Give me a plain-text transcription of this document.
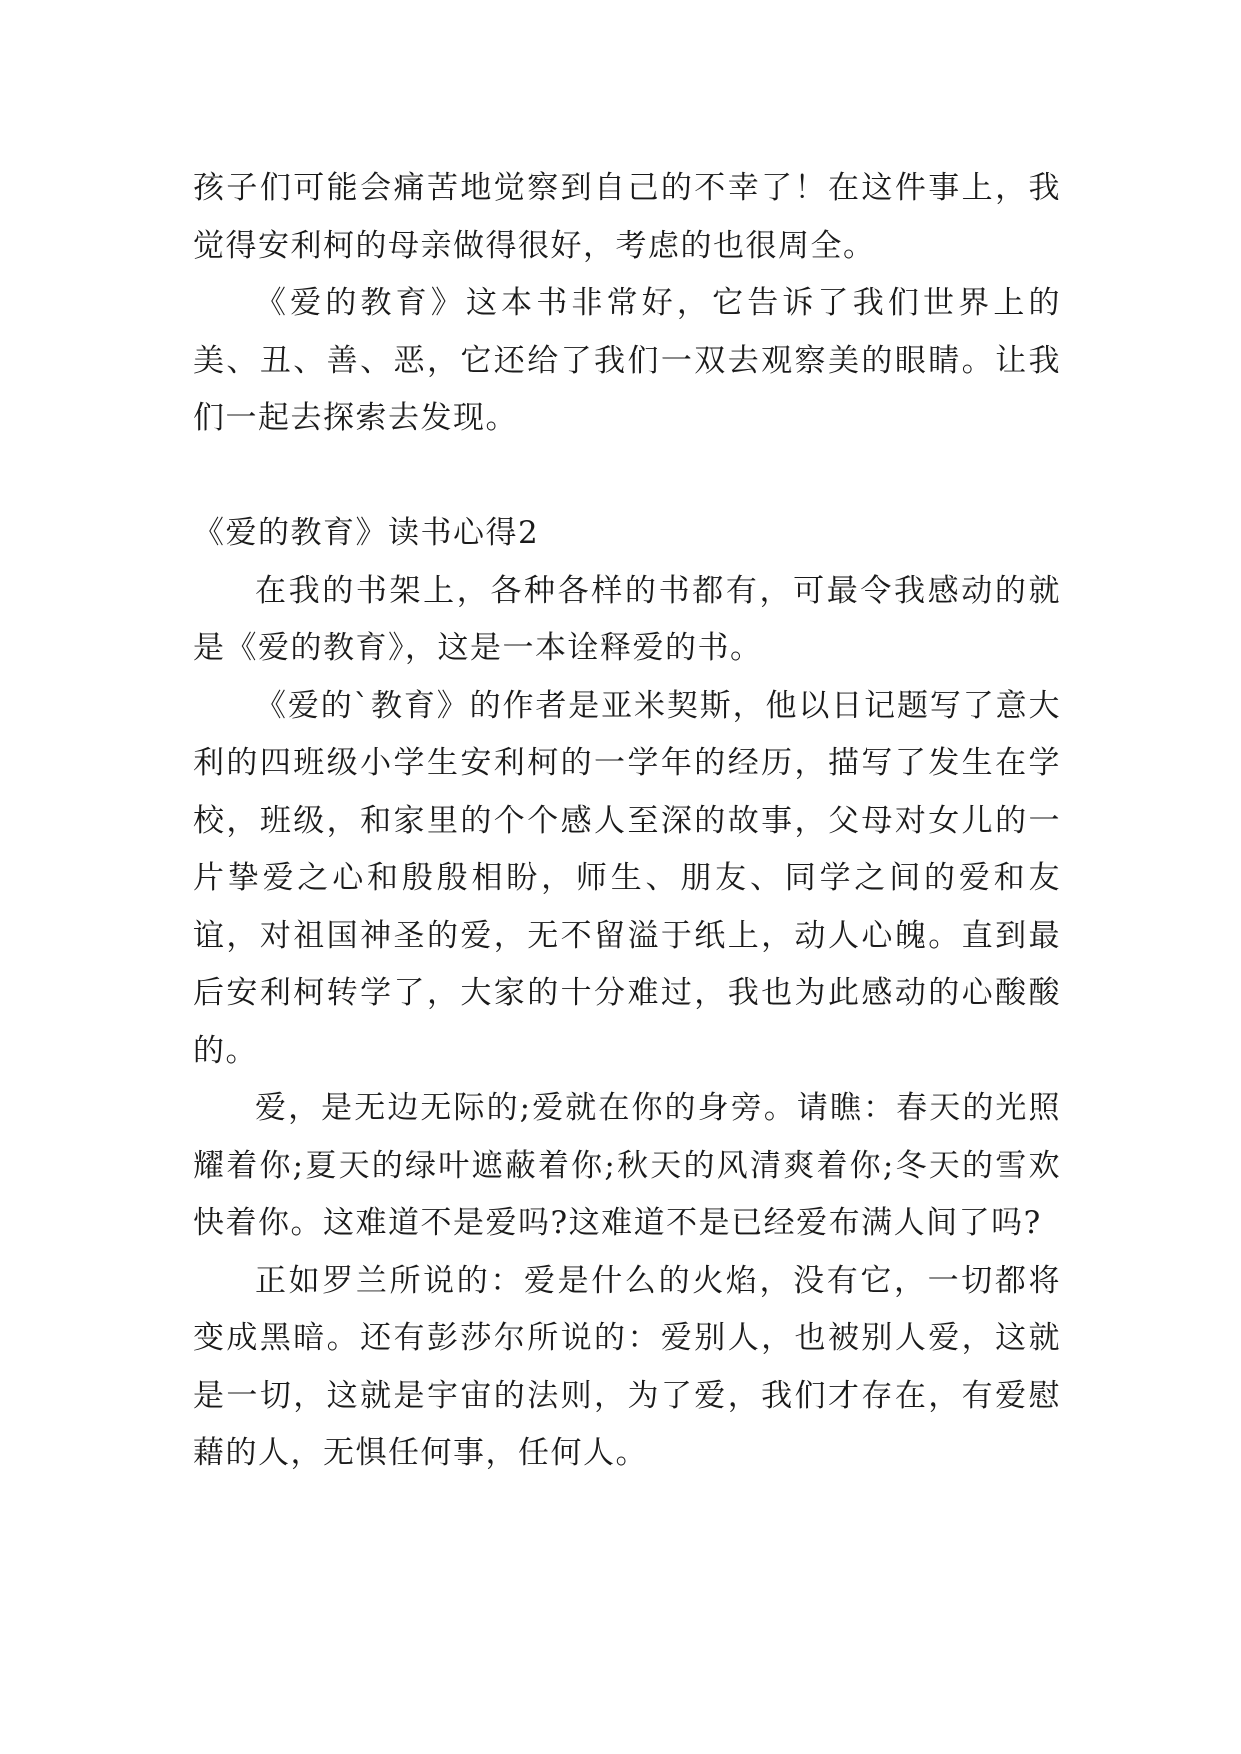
孩子们可能会痛苦地觉察到自己的不幸了！在这件事上，我觉得安利柯的母亲做得很好，考虑的也很周全。

《爱的教育》这本书非常好，它告诉了我们世界上的美、丑、善、恶，它还给了我们一双去观察美的眼睛。让我们一起去探索去发现。

《爱的教育》读书心得2

在我的书架上，各种各样的书都有，可最令我感动的就是《爱的教育》，这是一本诠释爱的书。

《爱的`教育》的作者是亚米契斯，他以日记题写了意大利的四班级小学生安利柯的一学年的经历，描写了发生在学校，班级，和家里的个个感人至深的故事，父母对女儿的一片挚爱之心和殷殷相盼，师生、朋友、同学之间的爱和友谊，对祖国神圣的爱，无不留溢于纸上，动人心魄。直到最后安利柯转学了，大家的十分难过，我也为此感动的心酸酸的。

爱，是无边无际的;爱就在你的身旁。请瞧：春天的光照耀着你;夏天的绿叶遮蔽着你;秋天的风清爽着你;冬天的雪欢快着你。这难道不是爱吗?这难道不是已经爱布满人间了吗?

正如罗兰所说的：爱是什么的火焰，没有它，一切都将变成黑暗。还有彭莎尔所说的：爱别人，也被别人爱，这就是一切，这就是宇宙的法则，为了爱，我们才存在，有爱慰藉的人，无惧任何事，任何人。
